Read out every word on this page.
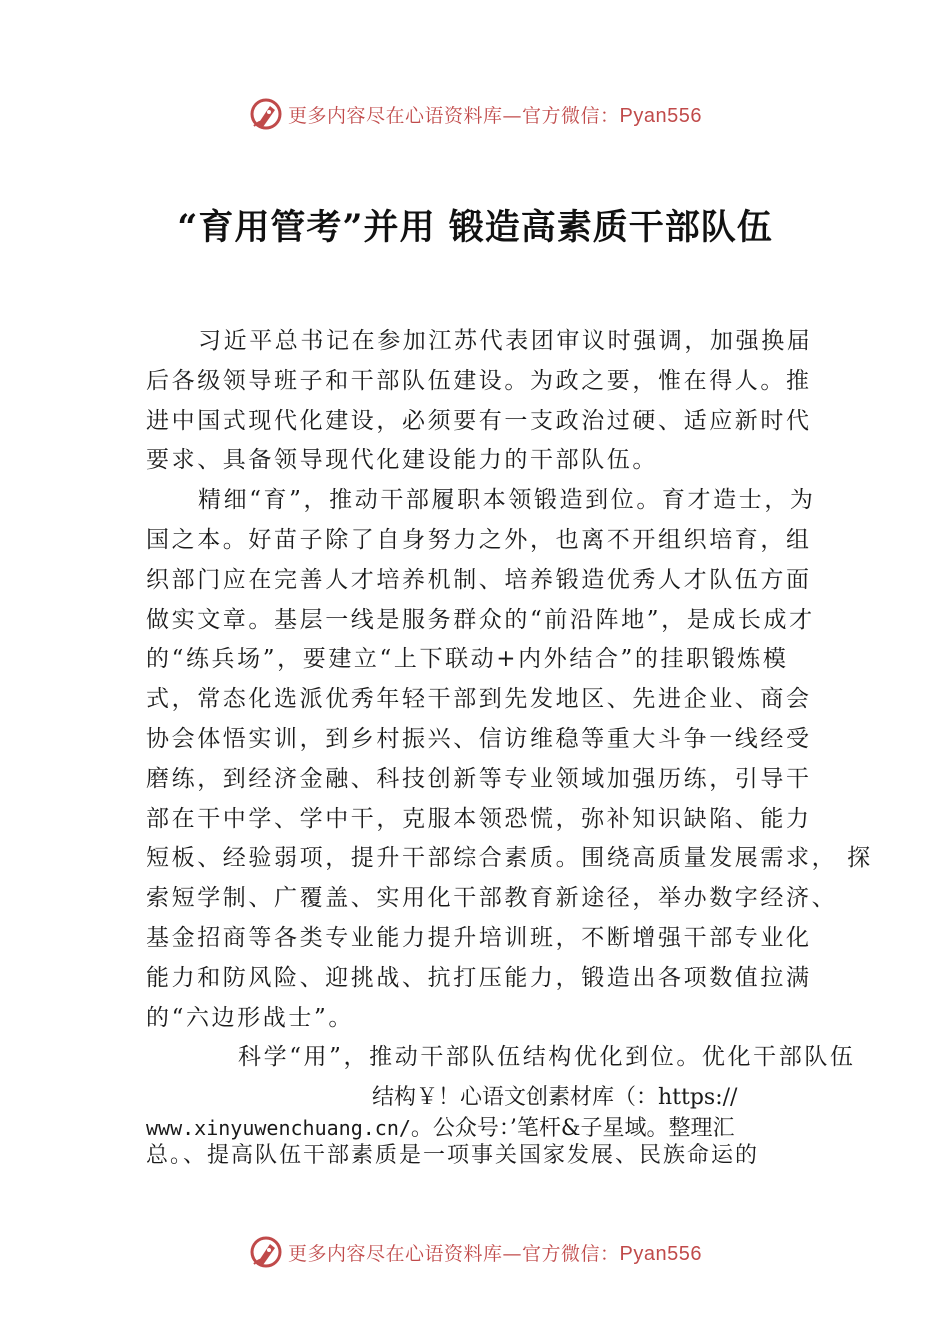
更多内容尽在心语资料库—官方微信：Pyan556
“育用管考”并用 锻造高素质干部队伍
习近平总书记在参加江苏代表团审议时强调，加强换届
后各级领导班子和干部队伍建设。为政之要，惟在得人。推
进中国式现代化建设，必须要有一支政治过硬、适应新时代
要求、具备领导现代化建设能力的干部队伍。
精细“育”，推动干部履职本领锻造到位。育才造士，为
国之本。好苗子除了自身努力之外，也离不开组织培育，组
织部门应在完善人才培养机制、培养锻造优秀人才队伍方面
做实文章。基层一线是服务群众的“前沿阵地”，是成长成才
的“练兵场”，要建立“上下联动+内外结合”的挂职锻炼模
式，常态化选派优秀年轻干部到先发地区、先进企业、商会
协会体悟实训，到乡村振兴、信访维稳等重大斗争一线经受
磨练，到经济金融、科技创新等专业领域加强历练，引导干
部在干中学、学中干，克服本领恐慌，弥补知识缺陷、能力
短板、经验弱项，提升干部综合素质。围绕高质量发展需求， 探
索短学制、广覆盖、实用化干部教育新途径，举办数字经济、
基金招商等各类专业能力提升培训班，不断增强干部专业化
能力和防风险、迎挑战、抗打压能力，锻造出各项数值拉满
的“六边形战士”。
科学“用”，推动干部队伍结构优化到位。优化干部队伍
结构￥！心语文创素材库（：https://
www.xinyuwenchuang.cn/。公众号：’笔杆&子星域。整理汇
总。、提高队伍干部素质是一项事关国家发展、民族命运的
更多内容尽在心语资料库—官方微信：Pyan556
